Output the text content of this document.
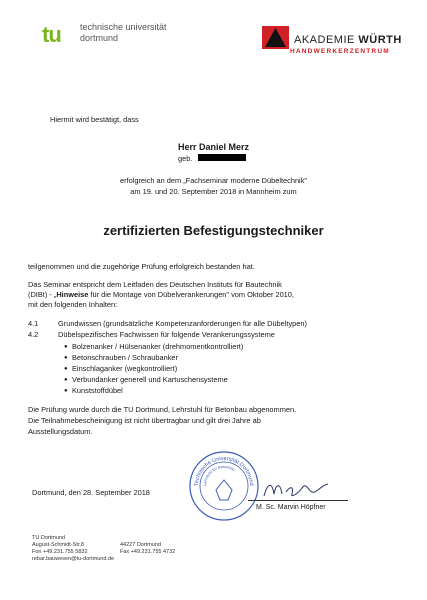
tu technische universität
dortmund	AKADEMIE WÜRTH
HANDWERKERZENTRUM
Hiermit wird bestätigt, dass
Herr Daniel Merz
geb.
erfolgreich an dem „Fachseminar moderne Dübeltechnik"
am 19. und 20. September 2018 in Mannheim zum
zertifizierten Befestigungstechniker
teilgenommen und die zugehörige Prüfung erfolgreich bestanden hat.
Das Seminar entspricht dem Leitfaden des Deutschen Instituts für Bautechnik
(DIBt) - „Hinweise für die Montage von Dübelverankerungen" vom Oktober 2010,
mit den folgenden Inhalten:
4.1	Grundwissen (grundsätzliche Kompetenzanforderungen für alle Dübeltypen)
4.2	Dübelspezifisches Fachwissen für folgende Verankerungssysteme
● Bolzenanker / Hülsenanker (drehmomentkontrolliert)
● Betonschrauben / Schraubanker
● Einschlaganker (wegkontrolliert)
● Verbundanker generell und Kartuschensysteme
● Kunststoffdübel
Die Prüfung wurde durch die TU Dortmund, Lehrstuhl für Betonbau abgenommen.
Die Teilnahmebescheinigung ist nicht übertragbar und gilt drei Jahre ab
Ausstellungsdatum.
Technische Universität Dortmund
Lehrstuhl für Betonbau
Dortmund, den 28. September 2018
M. Sc. Marvin Höpfner
TU Dortmund
August-Schmidt-Str.8
Fon +49.231.755 5832
rebar.bauwesen@tu-dortmund.de
44227 Dortmund
Fax +49.231.755 4732
